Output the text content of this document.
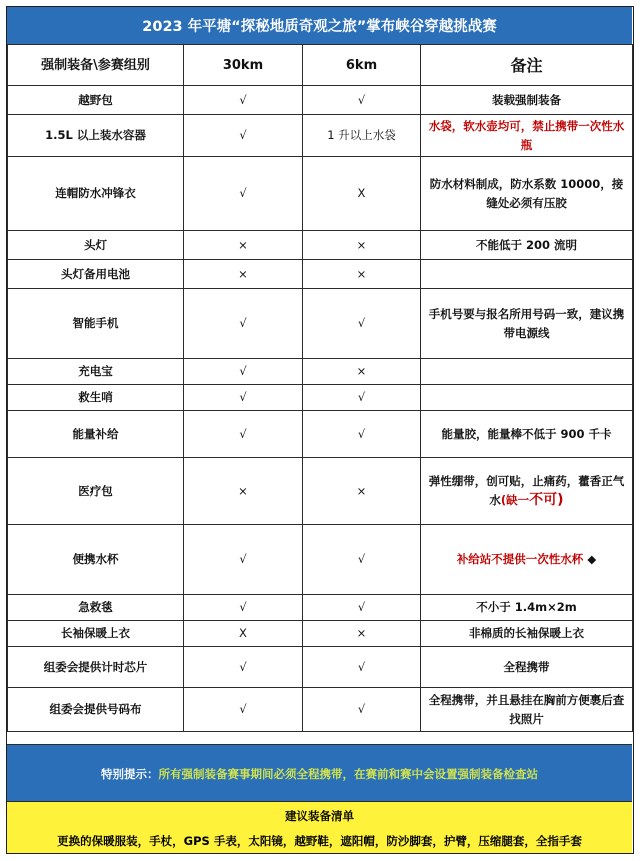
2023 年平塘“探秘地质奇观之旅”掌布峡谷穿越挑战赛
强制装备\参赛组别	30km	6km	备注
越野包	√	√	装载强制装备
1.5L 以上装水容器	√	1 升以上水袋	水袋，软水壶均可，禁止携带一次性水瓶
连帽防水冲锋衣	√	X	防水材料制成，防水系数 10000，接缝处必须有压胶
头灯	×	×	不能低于 200 流明
头灯备用电池	×	×	
智能手机	√	√	手机号要与报名所用号码一致，建议携带电源线
充电宝	√	×	
救生哨	√	√	
能量补给	√	√	能量胶，能量棒不低于 900 千卡
医疗包	×	×	弹性绷带，创可贴，止痛药，藿香正气水(缺一不可)
便携水杯	√	√	补给站不提供一次性水杯 ◆
急救毯	√	√	不小于 1.4m×2m
长袖保暖上衣	X	×	非棉质的长袖保暖上衣
组委会提供计时芯片	√	√	全程携带
组委会提供号码布	√	√	全程携带，并且悬挂在胸前方便裹后查找照片
特别提示： 所有强制装备赛事期间必须全程携带，在赛前和赛中会设置强制装备检查站
建议装备清单
更换的保暖服装，手杖，GPS 手表，太阳镜，越野鞋，遮阳帽，防沙脚套，护臂，压缩腿套，全指手套
